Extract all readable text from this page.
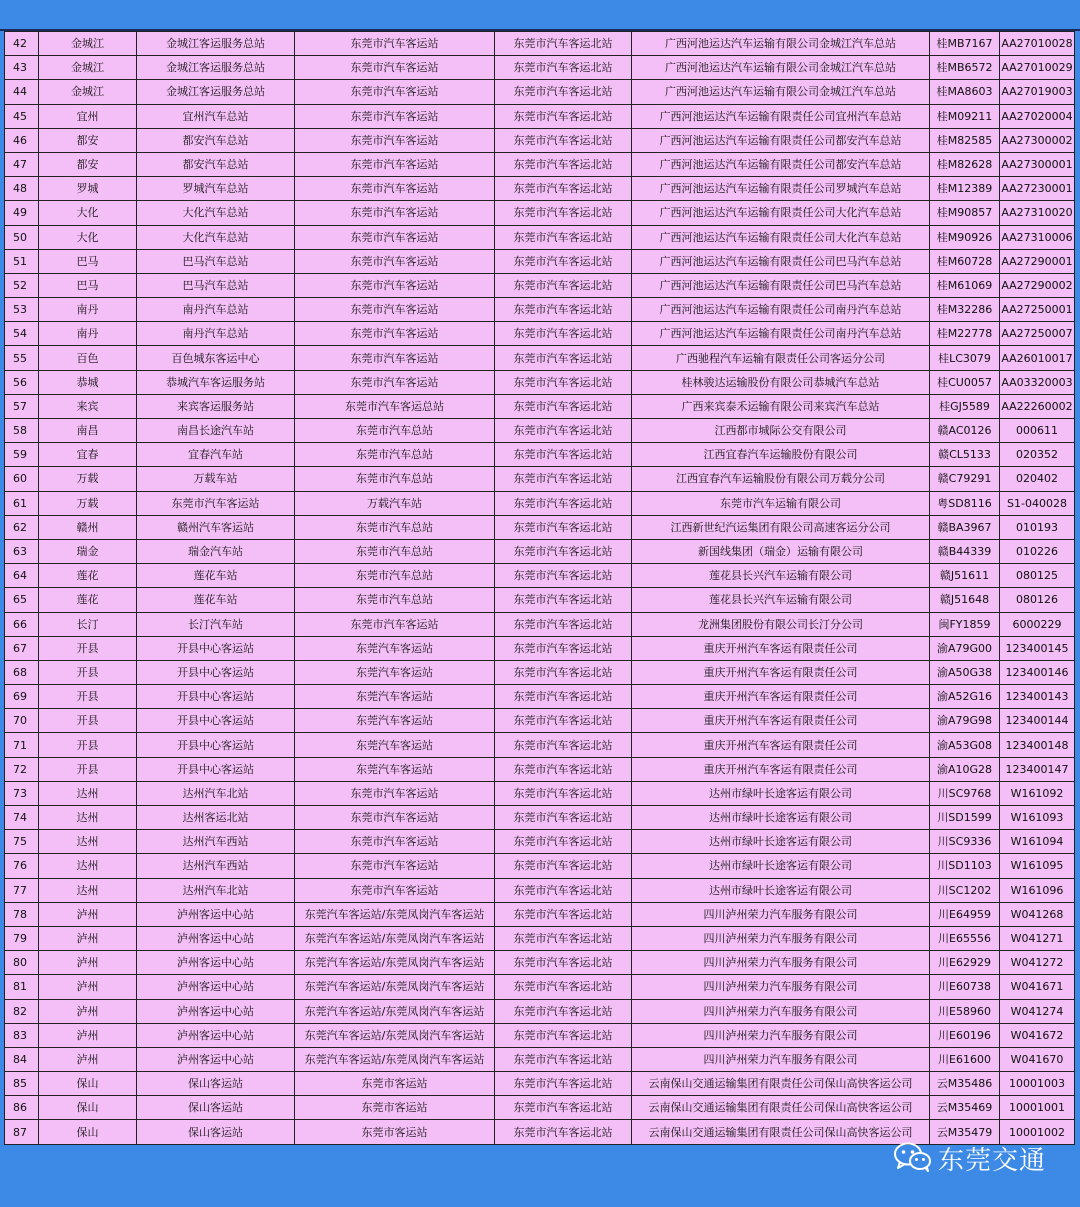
42	金城江	金城江客运服务总站	东莞市汽车客运站	东莞市汽车客运北站	广西河池运达汽车运输有限公司金城江汽车总站	桂MB7167	AA27010028
43	金城江	金城江客运服务总站	东莞市汽车客运站	东莞市汽车客运北站	广西河池运达汽车运输有限公司金城江汽车总站	桂MB6572	AA27010029
44	金城江	金城江客运服务总站	东莞市汽车客运站	东莞市汽车客运北站	广西河池运达汽车运输有限公司金城江汽车总站	桂MA8603	AA27019003
45	宜州	宜州汽车总站	东莞市汽车客运站	东莞市汽车客运北站	广西河池运达汽车运输有限责任公司宜州汽车总站	桂M09211	AA27020004
46	都安	都安汽车总站	东莞市汽车客运站	东莞市汽车客运北站	广西河池运达汽车运输有限责任公司都安汽车总站	桂M82585	AA27300002
47	都安	都安汽车总站	东莞市汽车客运站	东莞市汽车客运北站	广西河池运达汽车运输有限责任公司都安汽车总站	桂M82628	AA27300001
48	罗城	罗城汽车总站	东莞市汽车客运站	东莞市汽车客运北站	广西河池运达汽车运输有限责任公司罗城汽车总站	桂M12389	AA27230001
49	大化	大化汽车总站	东莞市汽车客运站	东莞市汽车客运北站	广西河池运达汽车运输有限责任公司大化汽车总站	桂M90857	AA27310020
50	大化	大化汽车总站	东莞市汽车客运站	东莞市汽车客运北站	广西河池运达汽车运输有限责任公司大化汽车总站	桂M90926	AA27310006
51	巴马	巴马汽车总站	东莞市汽车客运站	东莞市汽车客运北站	广西河池运达汽车运输有限责任公司巴马汽车总站	桂M60728	AA27290001
52	巴马	巴马汽车总站	东莞市汽车客运站	东莞市汽车客运北站	广西河池运达汽车运输有限责任公司巴马汽车总站	桂M61069	AA27290002
53	南丹	南丹汽车总站	东莞市汽车客运站	东莞市汽车客运北站	广西河池运达汽车运输有限责任公司南丹汽车总站	桂M32286	AA27250001
54	南丹	南丹汽车总站	东莞市汽车客运站	东莞市汽车客运北站	广西河池运达汽车运输有限责任公司南丹汽车总站	桂M22778	AA27250007
55	百色	百色城东客运中心	东莞市汽车客运站	东莞市汽车客运北站	广西驰程汽车运输有限责任公司客运分公司	桂LC3079	AA26010017
56	恭城	恭城汽车客运服务站	东莞市汽车客运站	东莞市汽车客运北站	桂林骏达运输股份有限公司恭城汽车总站	桂CU0057	AA03320003
57	来宾	来宾客运服务站	东莞市汽车客运总站	东莞市汽车客运北站	广西来宾泰禾运输有限公司来宾汽车总站	桂GJ5589	AA22260002
58	南昌	南昌长途汽车站	东莞市汽车总站	东莞市汽车客运北站	江西都市城际公交有限公司	赣AC0126	000611
59	宜春	宜春汽车站	东莞市汽车总站	东莞市汽车客运北站	江西宜春汽车运输股份有限公司	赣CL5133	020352
60	万载	万载车站	东莞市汽车总站	东莞市汽车客运北站	江西宜春汽车运输股份有限公司万载分公司	赣C79291	020402
61	万载	东莞市汽车客运站	万载汽车站	东莞市汽车客运北站	东莞市汽车运输有限公司	粤SD8116	S1-040028
62	赣州	赣州汽车客运站	东莞市汽车总站	东莞市汽车客运北站	江西新世纪汽运集团有限公司高速客运分公司	赣BA3967	010193
63	瑞金	瑞金汽车站	东莞市汽车总站	东莞市汽车客运北站	新国线集团（瑞金）运输有限公司	赣B44339	010226
64	莲花	莲花车站	东莞市汽车总站	东莞市汽车客运北站	莲花县长兴汽车运输有限公司	赣J51611	080125
65	莲花	莲花车站	东莞市汽车总站	东莞市汽车客运北站	莲花县长兴汽车运输有限公司	赣J51648	080126
66	长汀	长汀汽车站	东莞市汽车客运站	东莞市汽车客运北站	龙洲集团股份有限公司长汀分公司	闽FY1859	6000229
67	开县	开县中心客运站	东莞汽车客运站	东莞市汽车客运北站	重庆开州汽车客运有限责任公司	渝A79G00	123400145
68	开县	开县中心客运站	东莞汽车客运站	东莞市汽车客运北站	重庆开州汽车客运有限责任公司	渝A50G38	123400146
69	开县	开县中心客运站	东莞汽车客运站	东莞市汽车客运北站	重庆开州汽车客运有限责任公司	渝A52G16	123400143
70	开县	开县中心客运站	东莞汽车客运站	东莞市汽车客运北站	重庆开州汽车客运有限责任公司	渝A79G98	123400144
71	开县	开县中心客运站	东莞汽车客运站	东莞市汽车客运北站	重庆开州汽车客运有限责任公司	渝A53G08	123400148
72	开县	开县中心客运站	东莞汽车客运站	东莞市汽车客运北站	重庆开州汽车客运有限责任公司	渝A10G28	123400147
73	达州	达州汽车北站	东莞市汽车客运站	东莞市汽车客运北站	达州市绿叶长途客运有限公司	川SC9768	W161092
74	达州	达州客运北站	东莞市汽车客运站	东莞市汽车客运北站	达州市绿叶长途客运有限公司	川SD1599	W161093
75	达州	达州汽车西站	东莞市汽车客运站	东莞市汽车客运北站	达州市绿叶长途客运有限公司	川SC9336	W161094
76	达州	达州汽车西站	东莞市汽车客运站	东莞市汽车客运北站	达州市绿叶长途客运有限公司	川SD1103	W161095
77	达州	达州汽车北站	东莞市汽车客运站	东莞市汽车客运北站	达州市绿叶长途客运有限公司	川SC1202	W161096
78	泸州	泸州客运中心站	东莞汽车客运站/东莞凤岗汽车客运站	东莞市汽车客运北站	四川泸州荣力汽车服务有限公司	川E64959	W041268
79	泸州	泸州客运中心站	东莞汽车客运站/东莞凤岗汽车客运站	东莞市汽车客运北站	四川泸州荣力汽车服务有限公司	川E65556	W041271
80	泸州	泸州客运中心站	东莞汽车客运站/东莞凤岗汽车客运站	东莞市汽车客运北站	四川泸州荣力汽车服务有限公司	川E62929	W041272
81	泸州	泸州客运中心站	东莞汽车客运站/东莞凤岗汽车客运站	东莞市汽车客运北站	四川泸州荣力汽车服务有限公司	川E60738	W041671
82	泸州	泸州客运中心站	东莞汽车客运站/东莞凤岗汽车客运站	东莞市汽车客运北站	四川泸州荣力汽车服务有限公司	川E58960	W041274
83	泸州	泸州客运中心站	东莞汽车客运站/东莞凤岗汽车客运站	东莞市汽车客运北站	四川泸州荣力汽车服务有限公司	川E60196	W041672
84	泸州	泸州客运中心站	东莞汽车客运站/东莞凤岗汽车客运站	东莞市汽车客运北站	四川泸州荣力汽车服务有限公司	川E61600	W041670
85	保山	保山客运站	东莞市客运站	东莞市汽车客运北站	云南保山交通运输集团有限责任公司保山高快客运公司	云M35486	10001003
86	保山	保山客运站	东莞市客运站	东莞市汽车客运北站	云南保山交通运输集团有限责任公司保山高快客运公司	云M35469	10001001
87	保山	保山客运站	东莞市客运站	东莞市汽车客运北站	云南保山交通运输集团有限责任公司保山高快客运公司	云M35479	10001002
东莞交通
